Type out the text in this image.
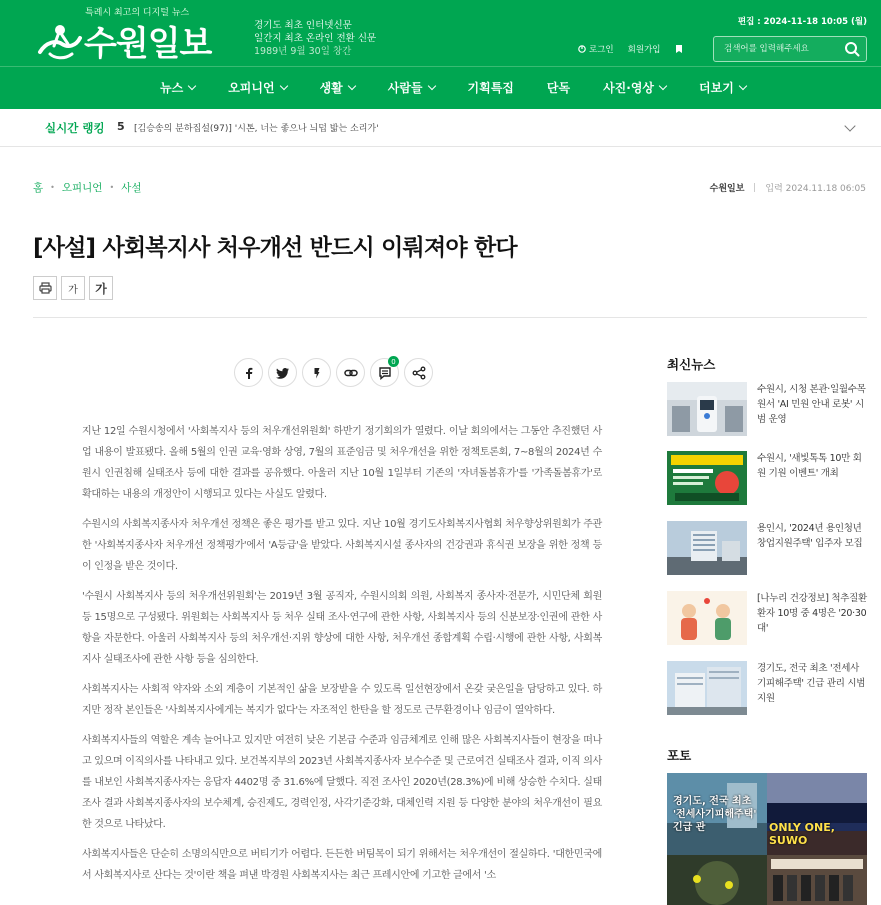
특례시 최고의 디지털 뉴스
수원일보	경기도 최초 인터넷신문
일간지 최초 온라인 전환 신문
1989년 9월 30일 창간
편집 : 2024-11-18 10:05 (월)
로그인 회원가입
검색어를 입력해주세요
뉴스	오피니언	생활	사람들	기획특집	단독	사진·영상	더보기
실시간 랭킹 5 [김승송의 분하집설(97)] '시톤, 너는 좋으나 늬덥 밟는 소리가'
홈 • 오피니언 • 사설	수원일보 입력 2024.11.18 06:05
[사설] 사회복지사 처우개선 반드시 이뤄져야 한다
가	가
0

지난 12일 수원시청에서 '사회복지사 등의 처우개선위원회' 하반기 정기회의가 열렸다. 이날 회의에서는 그동안 추진했던 사업 내용이 발표됐다. 올해 5월의 인권 교육·영화 상영, 7월의 표준임금 및 처우개선을 위한 정책토론회, 7~8월의 2024년 수원시 인권침해 실태조사 등에 대한 결과를 공유했다. 아울러 지난 10월 1일부터 기존의 '자녀돌봄휴가'를 '가족돌봄휴가'로 확대하는 내용의 개정안이 시행되고 있다는 사실도 알렸다.

수원시의 사회복지종사자 처우개선 정책은 좋은 평가를 받고 있다. 지난 10월 경기도사회복지사협회 처우향상위원회가 주관한 '사회복지종사자 처우개선 정책평가'에서 'A등급'을 받았다. 사회복지시설 종사자의 건강권과 휴식권 보장을 위한 정책 등이 인정을 받은 것이다.

'수원시 사회복지사 등의 처우개선위원회'는 2019년 3월 공직자, 수원시의회 의원, 사회복지 종사자·전문가, 시민단체 회원 등 15명으로 구성됐다. 위원회는 사회복지사 등 처우 실태 조사·연구에 관한 사항, 사회복지사 등의 신분보장·인권에 관한 사항을 자문한다. 아울러 사회복지사 등의 처우개선·지위 향상에 대한 사항, 처우개선 종합계획 수립·시행에 관한 사항, 사회복지사 실태조사에 관한 사항 등을 심의한다.

사회복지사는 사회적 약자와 소외 계층이 기본적인 삶을 보장받을 수 있도록 일선현장에서 온갖 궂은일을 담당하고 있다. 하지만 정작 본인들은 '사회복지사에게는 복지가 없다'는 자조적인 한탄을 할 정도로 근무환경이나 임금이 열악하다.

사회복지사들의 역할은 계속 늘어나고 있지만 여전히 낮은 기본급 수준과 임금체계로 인해 많은 사회복지사들이 현장을 떠나고 있으며 이직의사를 나타내고 있다. 보건복지부의 2023년 사회복지종사자 보수수준 및 근로여건 실태조사 결과, 이직 의사를 내보인 사회복지종사자는 응답자 4402명 중 31.6%에 달했다. 직전 조사인 2020년(28.3%)에 비해 상승한 수치다. 실태조사 결과 사회복지종사자의 보수체계, 승진제도, 경력인정, 사각기준강화, 대체인력 지원 등 다양한 분야의 처우개선이 필요한 것으로 나타났다.

사회복지사들은 단순히 소명의식만으로 버티기가 어렵다. 든든한 버팀목이 되기 위해서는 처우개선이 절실하다. '대한민국에서 사회복지사로 산다는 것'이란 책을 펴낸 박경원 사회복지사는 최근 프레시안에 기고한 글에서 '소

최신뉴스
수원시, 시청 본관·일월수목원서 'AI 민원 안내 로봇' 시범 운영
수원시, '새빛톡톡 10만 회원 기원 이벤트' 개최
용인시, '2024년 용인청년 창업지원주택' 입주자 모집
[나누리 건강정보] 척추질환 환자 10명 중 4명은 '20·30대'
경기도, 전국 최초 '전세사기피해주택' 긴급 관리 시범 지원
포토
경기도, 전국 최초 '전세사기피해주택' 긴급 관	ONLY ONE, SUWO
